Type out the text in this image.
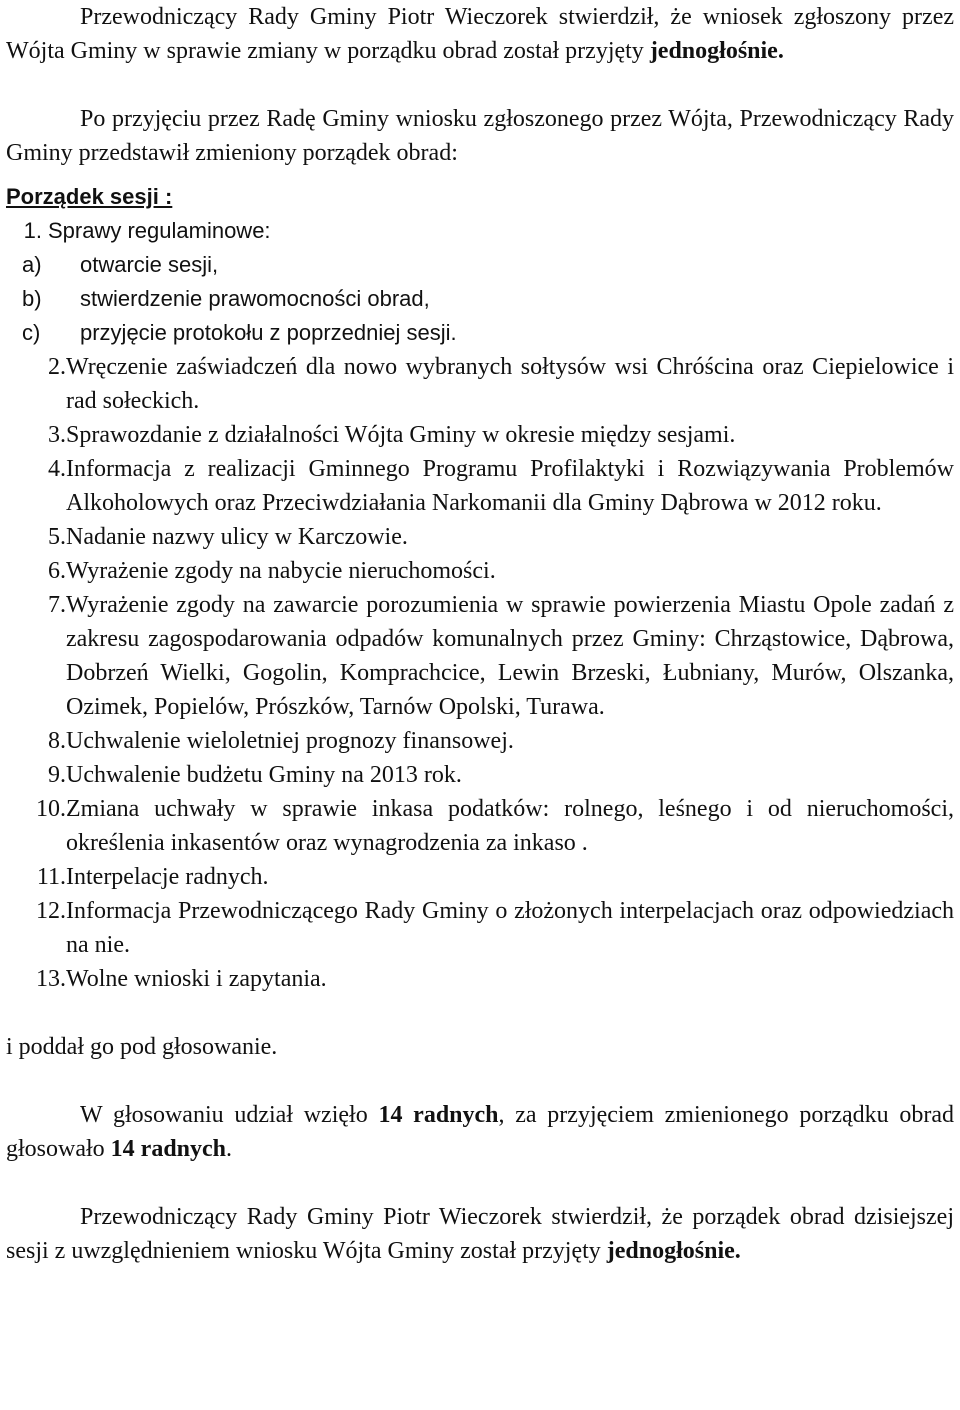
Przewodniczący Rady Gminy Piotr Wieczorek stwierdził, że wniosek zgłoszony przez Wójta Gminy w sprawie zmiany w porządku obrad został przyjęty jednogłośnie.

Po przyjęciu przez Radę Gminy wniosku zgłoszonego przez Wójta, Przewodniczący Rady Gminy przedstawił zmieniony porządek obrad:

Porządek sesji :
1. Sprawy regulaminowe:
a)	otwarcie sesji,
b)	stwierdzenie prawomocności obrad,
c)	przyjęcie protokołu z poprzedniej sesji.
2. Wręczenie zaświadczeń dla nowo wybranych sołtysów wsi Chróścina oraz Ciepielowice i rad sołeckich.
3. Sprawozdanie z działalności Wójta Gminy w okresie między sesjami.
4. Informacja z realizacji Gminnego Programu Profilaktyki i Rozwiązywania Problemów Alkoholowych oraz Przeciwdziałania Narkomanii dla Gminy Dąbrowa w 2012 roku.
5. Nadanie nazwy ulicy w Karczowie.
6. Wyrażenie zgody na nabycie nieruchomości.
7. Wyrażenie zgody na zawarcie porozumienia w sprawie powierzenia Miastu Opole zadań z zakresu zagospodarowania odpadów komunalnych przez Gminy: Chrząstowice, Dąbrowa, Dobrzeń Wielki, Gogolin, Komprachcice, Lewin Brzeski, Łubniany, Murów, Olszanka, Ozimek, Popielów, Prószków, Tarnów Opolski, Turawa.
8. Uchwalenie wieloletniej prognozy finansowej.
9. Uchwalenie budżetu Gminy na 2013 rok.
10. Zmiana uchwały w sprawie inkasa podatków: rolnego, leśnego i od nieruchomości, określenia inkasentów oraz wynagrodzenia za inkaso .
11. Interpelacje radnych.
12. Informacja Przewodniczącego Rady Gminy o złożonych interpelacjach oraz odpowiedziach na nie.
13. Wolne wnioski i zapytania.

i poddał go pod głosowanie.

W głosowaniu udział wzięło 14 radnych, za przyjęciem zmienionego porządku obrad głosowało 14 radnych.

Przewodniczący Rady Gminy Piotr Wieczorek stwierdził, że porządek obrad dzisiejszej sesji z uwzględnieniem wniosku Wójta Gminy został przyjęty jednogłośnie.
